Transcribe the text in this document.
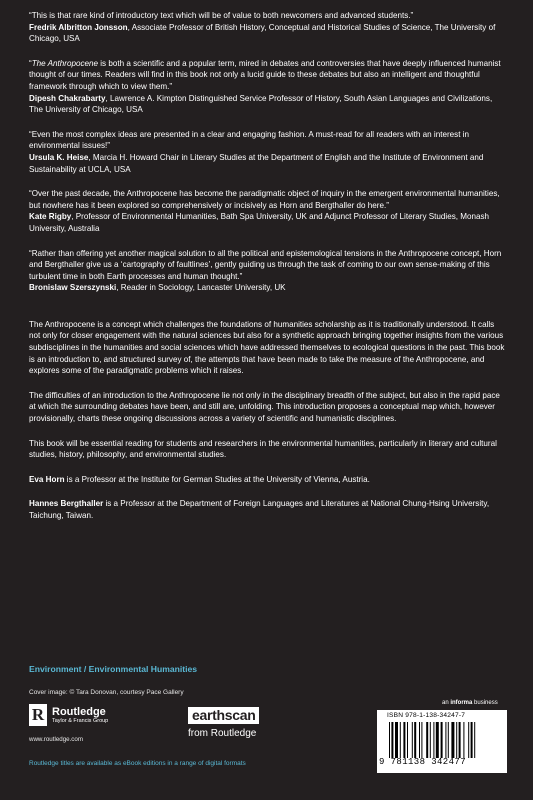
“This is that rare kind of introductory text which will be of value to both newcomers and advanced students.”
Fredrik Albritton Jonsson, Associate Professor of British History, Conceptual and Historical Studies of Science, The University of Chicago, USA

“The Anthropocene is both a scientific and a popular term, mired in debates and controversies that have deeply influenced humanist thought of our times. Readers will find in this book not only a lucid guide to these debates but also an intelligent and thoughtful framework through which to view them.”
Dipesh Chakrabarty, Lawrence A. Kimpton Distinguished Service Professor of History, South Asian Languages and Civilizations, The University of Chicago, USA

“Even the most complex ideas are presented in a clear and engaging fashion. A must-read for all readers with an interest in environmental issues!”
Ursula K. Heise, Marcia H. Howard Chair in Literary Studies at the Department of English and the Institute of Environment and Sustainability at UCLA, USA

“Over the past decade, the Anthropocene has become the paradigmatic object of inquiry in the emergent environmental humanities, but nowhere has it been explored so comprehensively or incisively as Horn and Bergthaller do here.”
Kate Rigby, Professor of Environmental Humanities, Bath Spa University, UK and Adjunct Professor of Literary Studies, Monash University, Australia

“Rather than offering yet another magical solution to all the political and epistemological tensions in the Anthropocene concept, Horn and Bergthaller give us a ‘cartography of faultlines’, gently guiding us through the task of coming to our own sense-making of this turbulent time in both Earth processes and human thought.”
Bronislaw Szerszynski, Reader in Sociology, Lancaster University, UK

The Anthropocene is a concept which challenges the foundations of humanities scholarship as it is traditionally understood. It calls not only for closer engagement with the natural sciences but also for a synthetic approach bringing together insights from the various subdisciplines in the humanities and social sciences which have addressed themselves to ecological questions in the past. This book is an introduction to, and structured survey of, the attempts that have been made to take the measure of the Anthropocene, and explores some of the paradigmatic problems which it raises.

The difficulties of an introduction to the Anthropocene lie not only in the disciplinary breadth of the subject, but also in the rapid pace at which the surrounding debates have been, and still are, unfolding. This introduction proposes a conceptual map which, however provisionally, charts these ongoing discussions across a variety of scientific and humanistic disciplines.

This book will be essential reading for students and researchers in the environmental humanities, particularly in literary and cultural studies, history, philosophy, and environmental studies.

Eva Horn is a Professor at the Institute for German Studies at the University of Vienna, Austria.

Hannes Bergthaller is a Professor at the Department of Foreign Languages and Literatures at National Chung-Hsing University, Taichung, Taiwan.

Environment / Environmental Humanities
Cover image: © Tara Donovan, courtesy Pace Gallery
R Routledge
Taylor & Francis Group
www.routledge.com
earthscan
from Routledge
an informa business
ISBN 978-1-138-34247-7
9 781138 342477
Routledge titles are available as eBook editions in a range of digital formats
